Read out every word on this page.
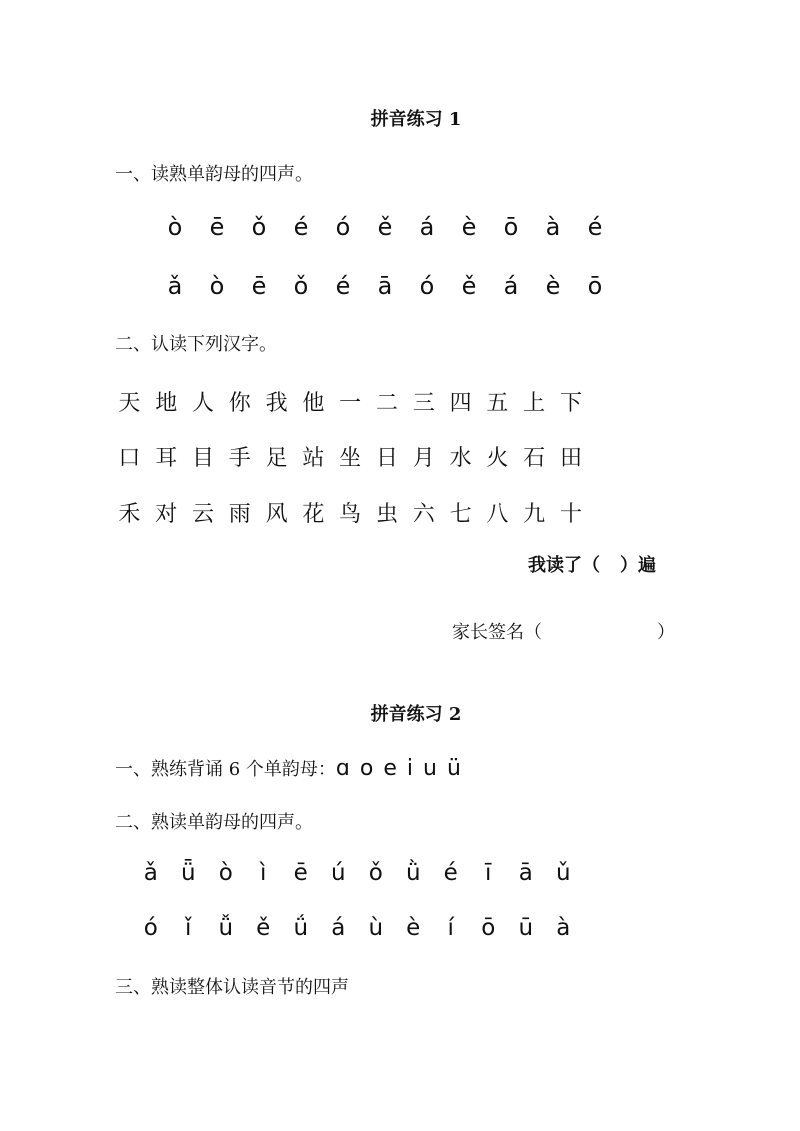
拼音练习 1
一、读熟单韵母的四声。
ò	ē	ǒ	é	ó	ě	á	è	ō	à	é
ǎ	ò	ē	ǒ	é	ā	ó	ě	á	è	ō
二、认读下列汉字。
天 地 人 你 我 他 一 二 三 四 五 上 下
口 耳 目 手 足 站 坐 日 月 水 火 石 田
禾 对 云 雨 风 花 鸟 虫 六 七 八 九 十
我读了（ ）遍
家长签名（	）
拼音练习 2
一、熟练背诵 6 个单韵母：ɑ o e i u ü
二、熟读单韵母的四声。
ǎ	ǖ	ò	ì	ē	ú	ǒ	ǜ	é	ī	ā	ǔ
ó	ǐ	ǚ	ě	ǘ	á	ù	è	í	ō	ū	à
三、熟读整体认读音节的四声
